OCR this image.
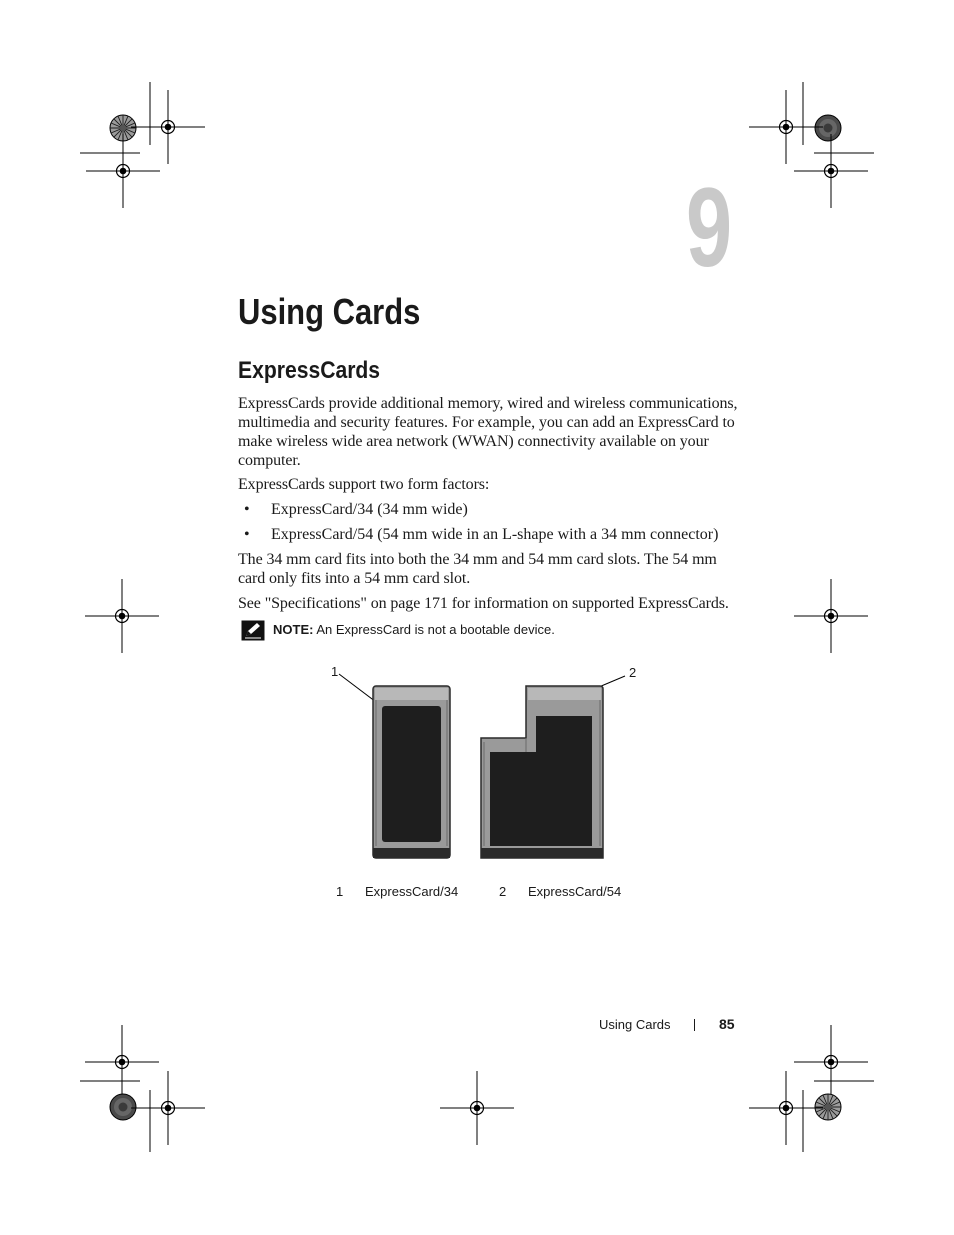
9
Using Cards
ExpressCards

ExpressCards provide additional memory, wired and wireless communications, multimedia and security features. For example, you can add an ExpressCard to make wireless wide area network (WWAN) connectivity available on your computer.

ExpressCards support two form factors:

• ExpressCard/34 (34 mm wide)
• ExpressCard/54 (54 mm wide in an L-shape with a 34 mm connector)

The 34 mm card fits into both the 34 mm and 54 mm card slots. The 54 mm card only fits into a 54 mm card slot.

See "Specifications" on page 171 for information on supported ExpressCards.

NOTE: An ExpressCard is not a bootable device.
1	2
1 ExpressCard/34	2 ExpressCard/54
Using Cards	85
